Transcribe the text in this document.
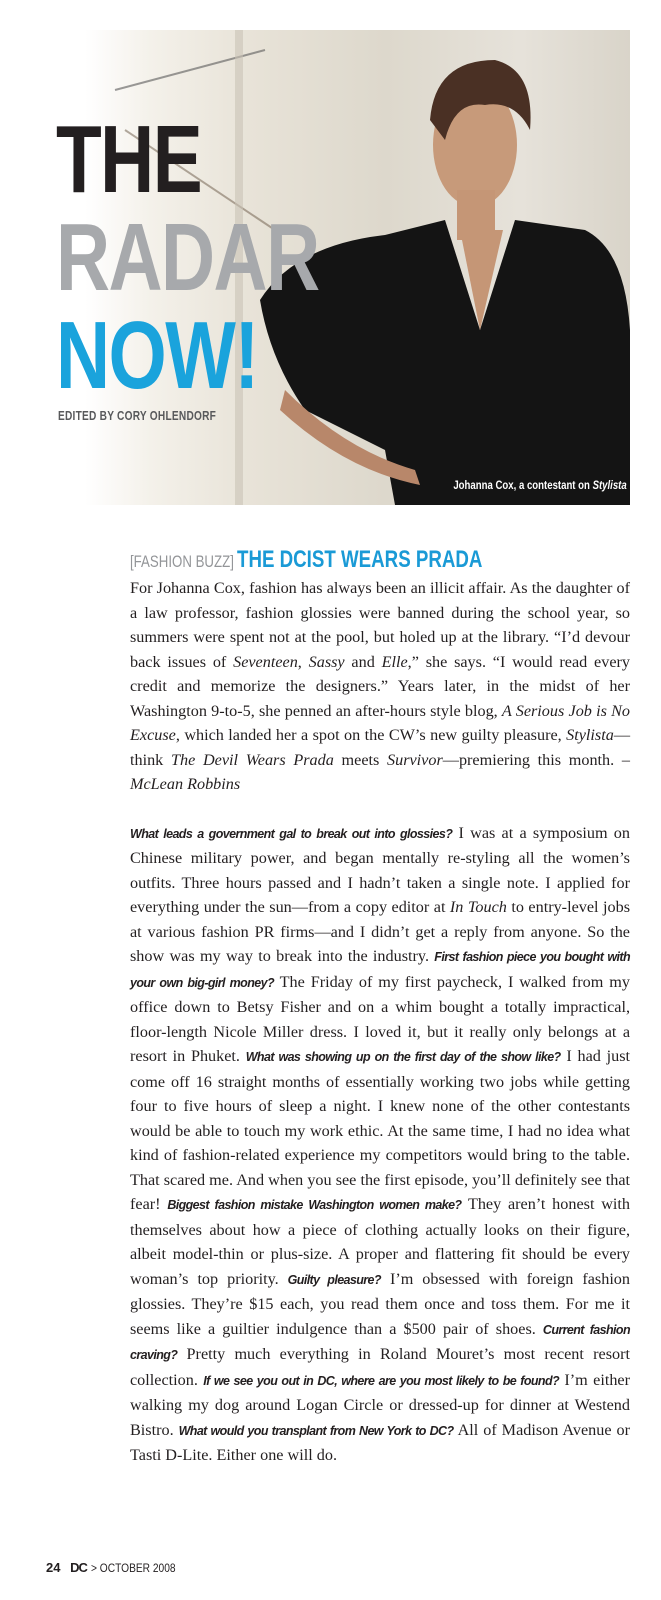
THE
RADAR
NOW!
EDITED BY CORY OHLENDORF
Johanna Cox, a contestant on Stylista
[FASHION BUZZ] THE DCIST WEARS PRADA

For Johanna Cox, fashion has always been an illicit affair. As the daughter of a law professor, fashion glossies were banned during the school year, so summers were spent not at the pool, but holed up at the library. “I’d devour back issues of Seventeen, Sassy and Elle,” she says. “I would read every credit and memorize the designers.” Years later, in the midst of her Washington 9-to-5, she penned an after-hours style blog, A Serious Job is No Excuse, which landed her a spot on the CW’s new guilty pleasure, Stylista—think The Devil Wears Prada meets Survivor—premiering this month. –McLean Robbins

What leads a government gal to break out into glossies? I was at a symposium on Chinese military power, and began mentally re-styling all the women’s outfits. Three hours passed and I hadn’t taken a single note. I applied for everything under the sun—from a copy editor at In Touch to entry-level jobs at various fashion PR firms—and I didn’t get a reply from anyone. So the show was my way to break into the industry. First fashion piece you bought with your own big-girl money? The Friday of my first paycheck, I walked from my office down to Betsy Fisher and on a whim bought a totally impractical, floor-length Nicole Miller dress. I loved it, but it really only belongs at a resort in Phuket. What was showing up on the first day of the show like? I had just come off 16 straight months of essentially working two jobs while getting four to five hours of sleep a night. I knew none of the other contestants would be able to touch my work ethic. At the same time, I had no idea what kind of fashion-related experience my competitors would bring to the table. That scared me. And when you see the first episode, you’ll definitely see that fear! Biggest fashion mistake Washington women make? They aren’t honest with themselves about how a piece of clothing actually looks on their figure, albeit model-thin or plus-size. A proper and flattering fit should be every woman’s top priority. Guilty pleasure? I’m obsessed with foreign fashion glossies. They’re $15 each, you read them once and toss them. For me it seems like a guiltier indulgence than a $500 pair of shoes. Current fashion craving? Pretty much everything in Roland Mouret’s most recent resort collection. If we see you out in DC, where are you most likely to be found? I’m either walking my dog around Logan Circle or dressed-up for dinner at Westend Bistro. What would you transplant from New York to DC? All of Madison Avenue or Tasti D-Lite. Either one will do.

24 DC > OCTOBER 2008
